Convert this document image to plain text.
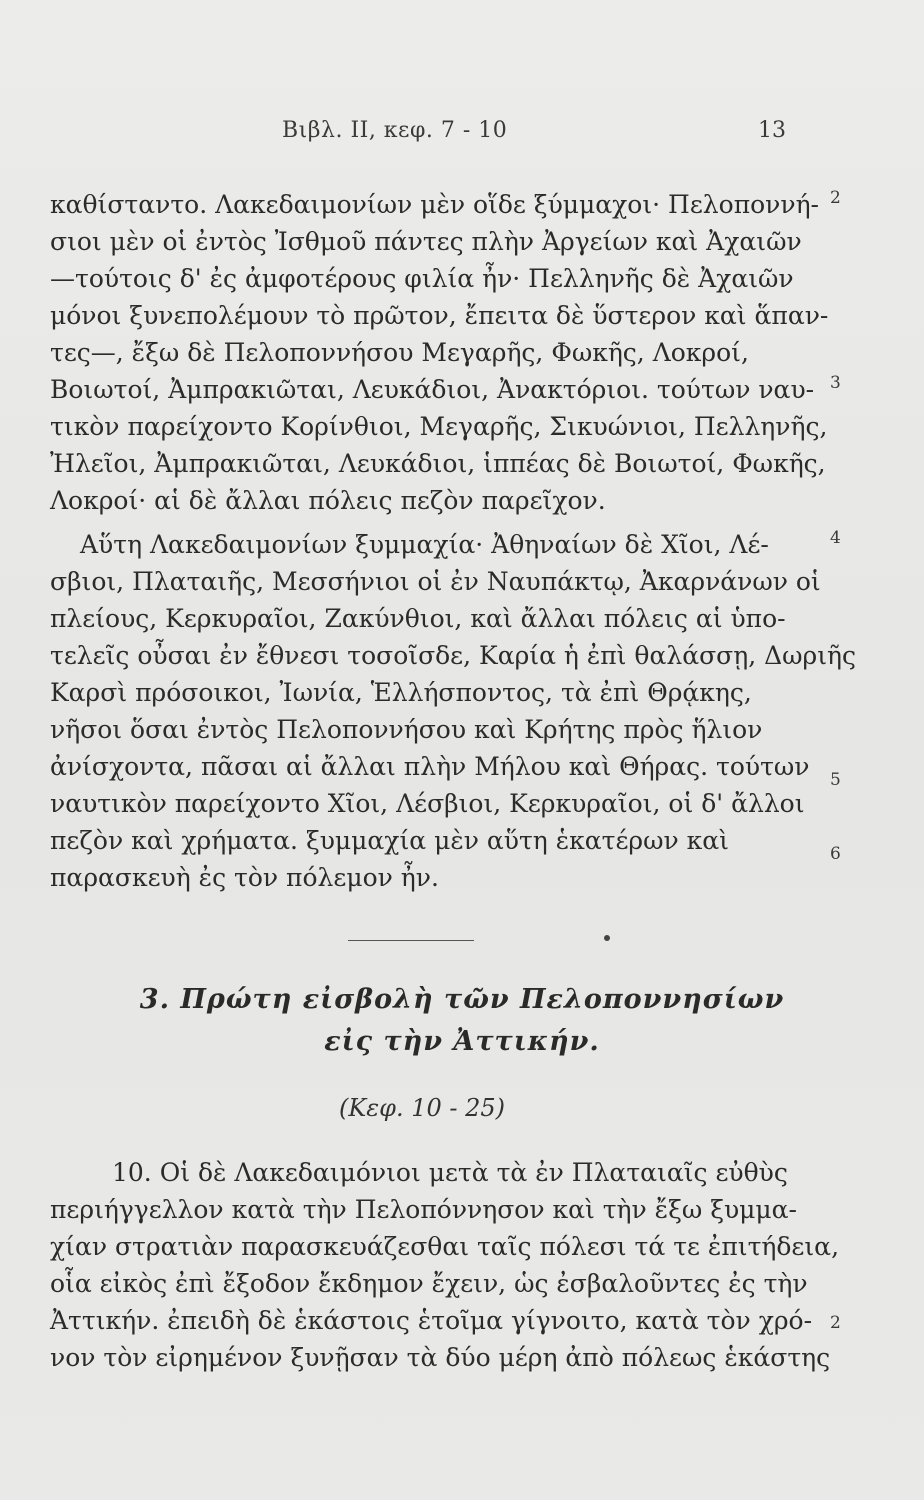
Βιβλ. II, κεφ. 7 - 10	13
καθίσταντο. Λακεδαιμονίων μὲν οἵδε ξύμμαχοι· Πελοποννή-
σιοι μὲν οἱ ἐντὸς Ἰσθμοῦ πάντες πλὴν Ἀργείων καὶ Ἀχαιῶν
—τούτοις δ' ἐς ἀμφοτέρους φιλία ἦν· Πελληνῆς δὲ Ἀχαιῶν
μόνοι ξυνεπολέμουν τὸ πρῶτον, ἔπειτα δὲ ὕστερον καὶ ἅπαν-
τες—, ἔξω δὲ Πελοποννήσου Μεγαρῆς, Φωκῆς, Λοκροί,
Βοιωτοί, Ἀμπρακιῶται, Λευκάδιοι, Ἀνακτόριοι. τούτων ναυ-
τικὸν παρείχοντο Κορίνθιοι, Μεγαρῆς, Σικυώνιοι, Πελληνῆς,
Ἠλεῖοι, Ἀμπρακιῶται, Λευκάδιοι, ἱππέας δὲ Βοιωτοί, Φωκῆς,
Λοκροί· αἱ δὲ ἄλλαι πόλεις πεζὸν παρεῖχον.
2
3
Αὕτη Λακεδαιμονίων ξυμμαχία· Ἀθηναίων δὲ Χῖοι, Λέ-
σβιοι, Πλαταιῆς, Μεσσήνιοι οἱ ἐν Ναυπάκτῳ, Ἀκαρνάνων οἱ
πλείους, Κερκυραῖοι, Ζακύνθιοι, καὶ ἄλλαι πόλεις αἱ ὑπο-
τελεῖς οὖσαι ἐν ἔθνεσι τοσοῖσδε, Καρία ἡ ἐπὶ θαλάσσῃ, Δωριῆς
Καρσὶ πρόσοικοι, Ἰωνία, Ἑλλήσποντος, τὰ ἐπὶ Θρᾴκης,
νῆσοι ὅσαι ἐντὸς Πελοποννήσου καὶ Κρήτης πρὸς ἥλιον
ἀνίσχοντα, πᾶσαι αἱ ἄλλαι πλὴν Μήλου καὶ Θήρας. τούτων
ναυτικὸν παρείχοντο Χῖοι, Λέσβιοι, Κερκυραῖοι, οἱ δ' ἄλλοι
πεζὸν καὶ χρήματα. ξυμμαχία μὲν αὕτη ἑκατέρων καὶ
παρασκευὴ ἐς τὸν πόλεμον ἦν.
4
5
6
3. Πρώτη εἰσβολὴ τῶν Πελοποννησίων
εἰς τὴν Ἀττικήν.
(Κεφ. 10 - 25)
10. Οἱ δὲ Λακεδαιμόνιοι μετὰ τὰ ἐν Πλαταιαῖς εὐθὺς
περιήγγελλον κατὰ τὴν Πελοπόννησον καὶ τὴν ἔξω ξυμμα-
χίαν στρατιὰν παρασκευάζεσθαι ταῖς πόλεσι τά τε ἐπιτήδεια,
οἷα εἰκὸς ἐπὶ ἔξοδον ἔκδημον ἔχειν, ὡς ἐσβαλοῦντες ἐς τὴν
Ἀττικήν. ἐπειδὴ δὲ ἑκάστοις ἑτοῖμα γίγνοιτο, κατὰ τὸν χρό-
νον τὸν εἰρημένον ξυνῇσαν τὰ δύο μέρη ἀπὸ πόλεως ἑκάστης
2
